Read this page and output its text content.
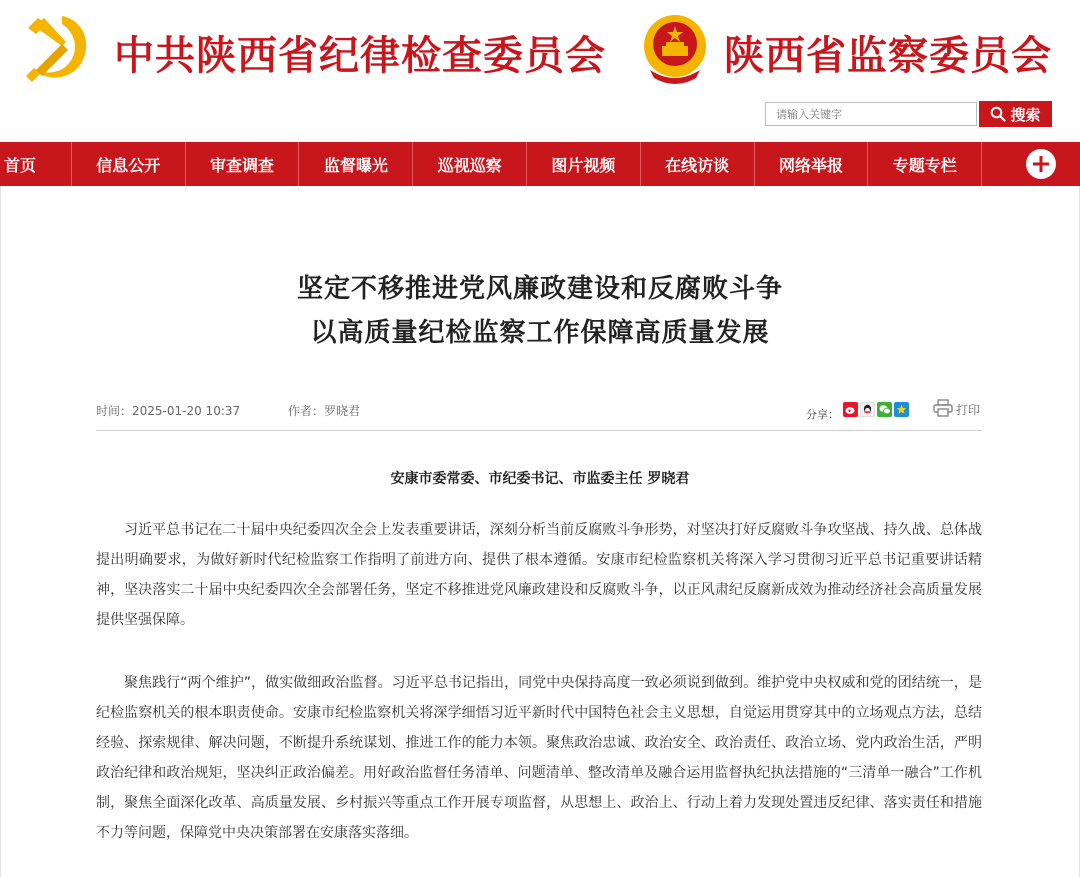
中共陕西省纪律检查委员会	陕西省监察委员会
请输入关键字
搜索
首页	信息公开	审查调查	监督曝光	巡视巡察	图片视频	在线访谈	网络举报	专题专栏
坚定不移推进党风廉政建设和反腐败斗争
以高质量纪检监察工作保障高质量发展
时间：2025-01-20 10:37	作者：罗晓君	分享：	打印
安康市委常委、市纪委书记、市监委主任 罗晓君

习近平总书记在二十届中央纪委四次全会上发表重要讲话，深刻分析当前反腐败斗争形势，对坚决打好反腐败斗争攻坚战、持久战、总体战提出明确要求，为做好新时代纪检监察工作指明了前进方向、提供了根本遵循。安康市纪检监察机关将深入学习贯彻习近平总书记重要讲话精神，坚决落实二十届中央纪委四次全会部署任务，坚定不移推进党风廉政建设和反腐败斗争，以正风肃纪反腐新成效为推动经济社会高质量发展提供坚强保障。

聚焦践行“两个维护”，做实做细政治监督。习近平总书记指出，同党中央保持高度一致必须说到做到。维护党中央权威和党的团结统一，是纪检监察机关的根本职责使命。安康市纪检监察机关将深学细悟习近平新时代中国特色社会主义思想，自觉运用贯穿其中的立场观点方法，总结经验、探索规律、解决问题，不断提升系统谋划、推进工作的能力本领。聚焦政治忠诚、政治安全、政治责任、政治立场、党内政治生活，严明政治纪律和政治规矩，坚决纠正政治偏差。用好政治监督任务清单、问题清单、整改清单及融合运用监督执纪执法措施的“三清单一融合”工作机制，聚焦全面深化改革、高质量发展、乡村振兴等重点工作开展专项监督，从思想上、政治上、行动上着力发现处置违反纪律、落实责任和措施不力等问题，保障党中央决策部署在安康落实落细。
